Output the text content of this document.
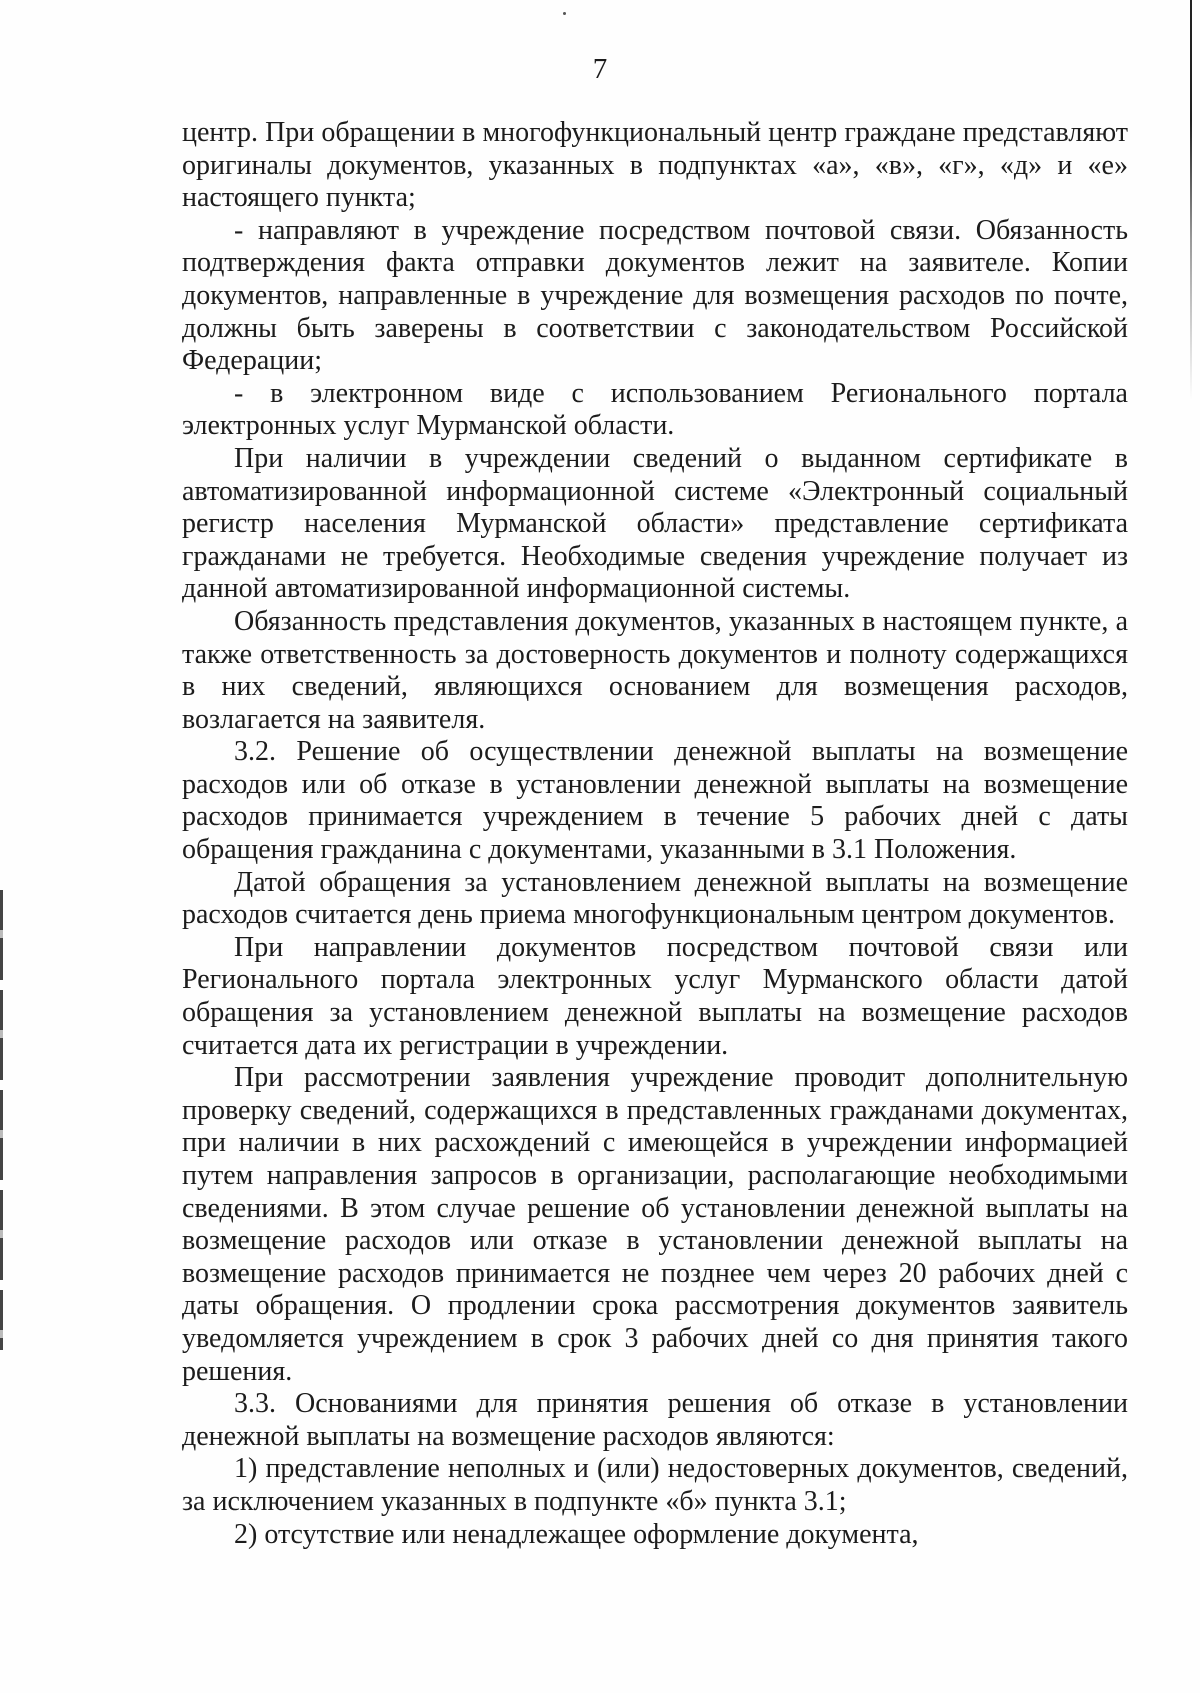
7

центр. При обращении в многофункциональный центр граждане представляют оригиналы документов, указанных в подпунктах «а», «в», «г», «д» и «е» настоящего пункта;

- направляют в учреждение посредством почтовой связи. Обязанность подтверждения факта отправки документов лежит на заявителе. Копии документов, направленные в учреждение для возмещения расходов по почте, должны быть заверены в соответствии с законодательством Российской Федерации;

- в электронном виде с использованием Регионального портала электронных услуг Мурманской области.

При наличии в учреждении сведений о выданном сертификате в автоматизированной информационной системе «Электронный социальный регистр населения Мурманской области» представление сертификата гражданами не требуется. Необходимые сведения учреждение получает из данной автоматизированной информационной системы.

Обязанность представления документов, указанных в настоящем пункте, а также ответственность за достоверность документов и полноту содержащихся в них сведений, являющихся основанием для возмещения расходов, возлагается на заявителя.

3.2. Решение об осуществлении денежной выплаты на возмещение расходов или об отказе в установлении денежной выплаты на возмещение расходов принимается учреждением в течение 5 рабочих дней с даты обращения гражданина с документами, указанными в 3.1 Положения.

Датой обращения за установлением денежной выплаты на возмещение расходов считается день приема многофункциональным центром документов.

При направлении документов посредством почтовой связи или Регионального портала электронных услуг Мурманского области датой обращения за установлением денежной выплаты на возмещение расходов считается дата их регистрации в учреждении.

При рассмотрении заявления учреждение проводит дополнительную проверку сведений, содержащихся в представленных гражданами документах, при наличии в них расхождений с имеющейся в учреждении информацией путем направления запросов в организации, располагающие необходимыми сведениями. В этом случае решение об установлении денежной выплаты на возмещение расходов или отказе в установлении денежной выплаты на возмещение расходов принимается не позднее чем через 20 рабочих дней с даты обращения. О продлении срока рассмотрения документов заявитель уведомляется учреждением в срок 3 рабочих дней со дня принятия такого решения.

3.3. Основаниями для принятия решения об отказе в установлении денежной выплаты на возмещение расходов являются:

1) представление неполных и (или) недостоверных документов, сведений, за исключением указанных в подпункте «б» пункта 3.1;

2) отсутствие или ненадлежащее оформление документа,
